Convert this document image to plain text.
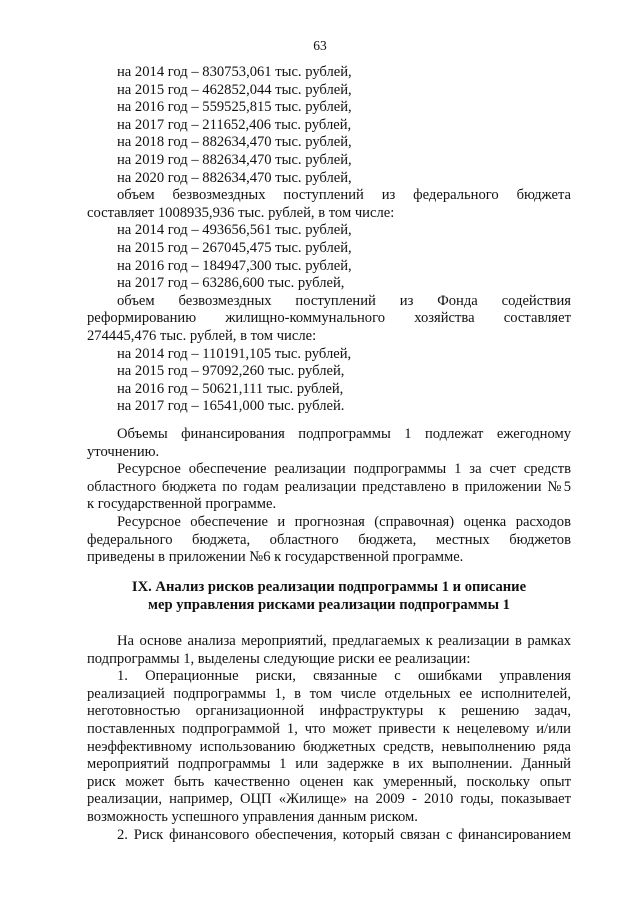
63
на 2014 год – 830753,061 тыс. рублей,
на 2015 год – 462852,044 тыс. рублей,
на 2016 год – 559525,815 тыс. рублей,
на 2017 год – 211652,406 тыс. рублей,
на 2018 год – 882634,470 тыс. рублей,
на 2019 год – 882634,470 тыс. рублей,
на 2020 год – 882634,470 тыс. рублей,
объем безвозмездных поступлений из федерального бюджета
составляет 1008935,936 тыс. рублей, в том числе:
на 2014 год – 493656,561 тыс. рублей,
на 2015 год – 267045,475 тыс. рублей,
на 2016 год – 184947,300 тыс. рублей,
на 2017 год – 63286,600 тыс. рублей,
объем безвозмездных поступлений из Фонда содействия
реформированию жилищно-коммунального хозяйства составляет
274445,476 тыс. рублей, в том числе:
на 2014 год – 110191,105 тыс. рублей,
на 2015 год – 97092,260 тыс. рублей,
на 2016 год – 50621,111 тыс. рублей,
на 2017 год – 16541,000 тыс. рублей.
Объемы финансирования подпрограммы 1 подлежат ежегодному
уточнению.
Ресурсное обеспечение реализации подпрограммы 1 за счет средств
областного бюджета по годам реализации представлено в приложении №5
к государственной программе.
Ресурсное обеспечение и прогнозная (справочная) оценка расходов
федерального бюджета, областного бюджета, местных бюджетов
приведены в приложении №6 к государственной программе.
IX. Анализ рисков реализации подпрограммы 1 и описание
мер управления рисками реализации подпрограммы 1
На основе анализа мероприятий, предлагаемых к реализации в рамках
подпрограммы 1, выделены следующие риски ее реализации:
1. Операционные риски, связанные с ошибками управления
реализацией подпрограммы 1, в том числе отдельных ее исполнителей,
неготовностью организационной инфраструктуры к решению задач,
поставленных подпрограммой 1, что может привести к нецелевому и/или
неэффективному использованию бюджетных средств, невыполнению ряда
мероприятий подпрограммы 1 или задержке в их выполнении. Данный
риск может быть качественно оценен как умеренный, поскольку опыт
реализации, например, ОЦП «Жилище» на 2009 - 2010 годы, показывает
возможность успешного управления данным риском.
2. Риск финансового обеспечения, который связан с финансированием
